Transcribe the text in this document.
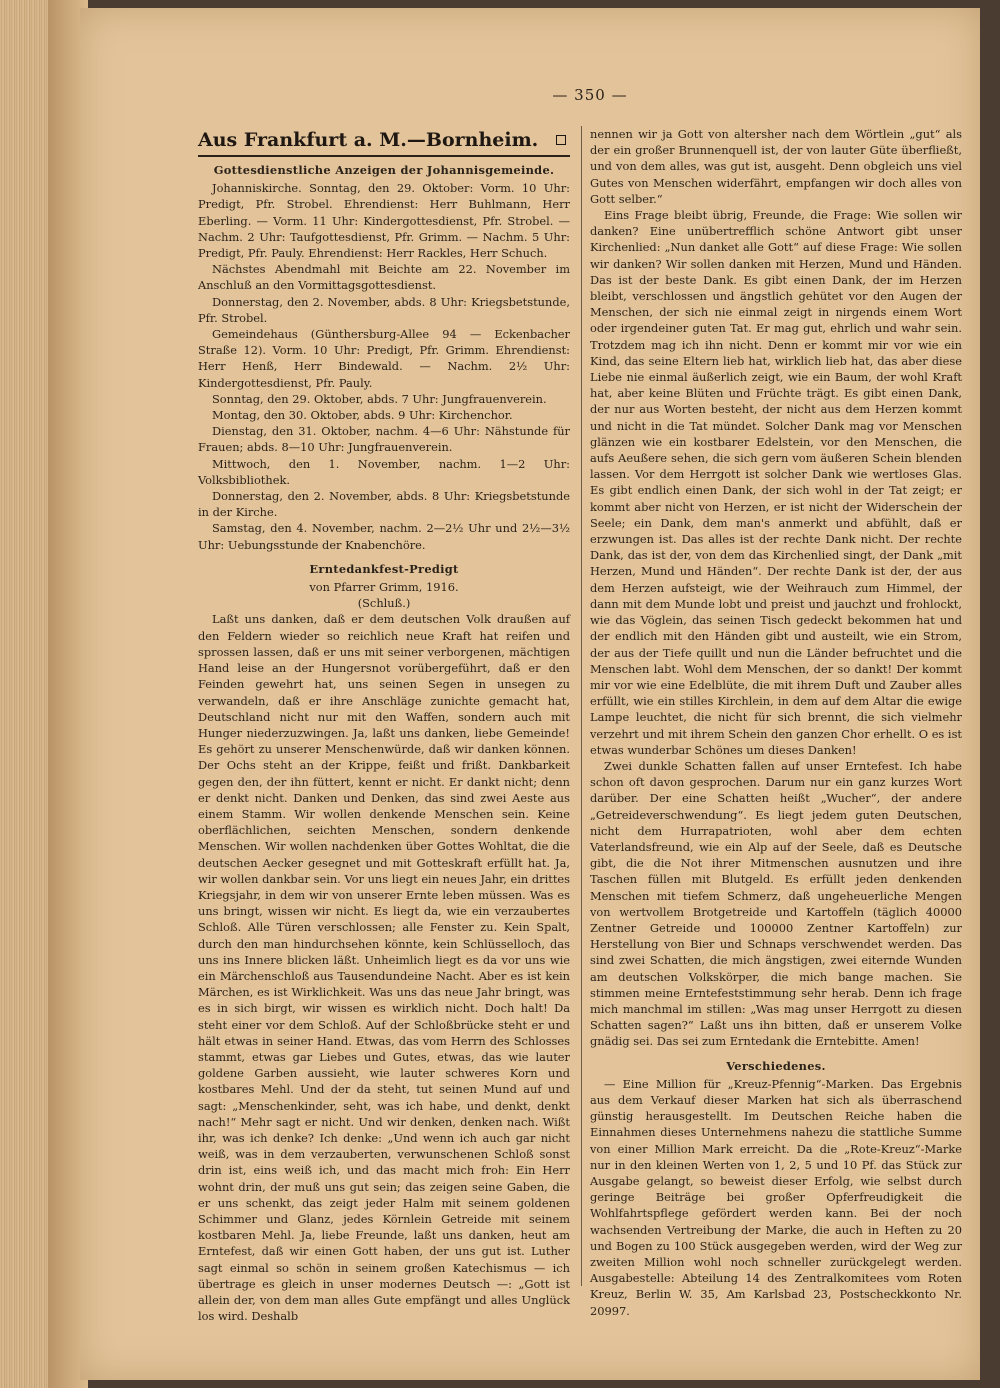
— 350 —
Aus Frankfurt a. M.—Bornheim.
Gottesdienstliche Anzeigen der Johannisgemeinde.

Johanniskirche. Sonntag, den 29. Oktober: Vorm. 10 Uhr: Predigt, Pfr. Strobel. Ehrendienst: Herr Buhlmann, Herr Eberling. — Vorm. 11 Uhr: Kindergottesdienst, Pfr. Strobel. — Nachm. 2 Uhr: Taufgottesdienst, Pfr. Grimm. — Nachm. 5 Uhr: Predigt, Pfr. Pauly. Ehrendienst: Herr Rackles, Herr Schuch.

Nächstes Abendmahl mit Beichte am 22. November im Anschluß an den Vormittagsgottesdienst.

Donnerstag, den 2. November, abds. 8 Uhr: Kriegsbetstunde, Pfr. Strobel.

Gemeindehaus (Günthersburg-Allee 94 — Eckenbacher Straße 12). Vorm. 10 Uhr: Predigt, Pfr. Grimm. Ehrendienst: Herr Henß, Herr Bindewald. — Nachm. 2½ Uhr: Kindergottesdienst, Pfr. Pauly.

Sonntag, den 29. Oktober, abds. 7 Uhr: Jungfrauenverein.

Montag, den 30. Oktober, abds. 9 Uhr: Kirchenchor.

Dienstag, den 31. Oktober, nachm. 4—6 Uhr: Nähstunde für Frauen; abds. 8—10 Uhr: Jungfrauenverein.

Mittwoch, den 1. November, nachm. 1—2 Uhr: Volksbibliothek.

Donnerstag, den 2. November, abds. 8 Uhr: Kriegsbetstunde in der Kirche.

Samstag, den 4. November, nachm. 2—2½ Uhr und 2½—3½ Uhr: Uebungsstunde der Knabenchöre.

Erntedankfest-Predigt
von Pfarrer Grimm, 1916.
(Schluß.)

Laßt uns danken, daß er dem deutschen Volk draußen auf den Feldern wieder so reichlich neue Kraft hat reifen und sprossen lassen, daß er uns mit seiner verborgenen, mächtigen Hand leise an der Hungersnot vorübergeführt, daß er den Feinden gewehrt hat, uns seinen Segen in unsegen zu verwandeln, daß er ihre Anschläge zunichte gemacht hat, Deutschland nicht nur mit den Waffen, sondern auch mit Hunger niederzuzwingen. Ja, laßt uns danken, liebe Gemeinde! Es gehört zu unserer Menschenwürde, daß wir danken können. Der Ochs steht an der Krippe, feißt und frißt. Dankbarkeit gegen den, der ihn füttert, kennt er nicht. Er dankt nicht; denn er denkt nicht. Danken und Denken, das sind zwei Aeste aus einem Stamm. Wir wollen denkende Menschen sein. Keine oberflächlichen, seichten Menschen, sondern denkende Menschen. Wir wollen nachdenken über Gottes Wohltat, die die deutschen Aecker gesegnet und mit Gotteskraft erfüllt hat. Ja, wir wollen dankbar sein. Vor uns liegt ein neues Jahr, ein drittes Kriegsjahr, in dem wir von unserer Ernte leben müssen. Was es uns bringt, wissen wir nicht. Es liegt da, wie ein verzaubertes Schloß. Alle Türen verschlossen; alle Fenster zu. Kein Spalt, durch den man hindurchsehen könnte, kein Schlüsselloch, das uns ins Innere blicken läßt. Unheimlich liegt es da vor uns wie ein Märchenschloß aus Tausendundeine Nacht. Aber es ist kein Märchen, es ist Wirklichkeit. Was uns das neue Jahr bringt, was es in sich birgt, wir wissen es wirklich nicht. Doch halt! Da steht einer vor dem Schloß. Auf der Schloßbrücke steht er und hält etwas in seiner Hand. Etwas, das vom Herrn des Schlosses stammt, etwas gar Liebes und Gutes, etwas, das wie lauter goldene Garben aussieht, wie lauter schweres Korn und kostbares Mehl. Und der da steht, tut seinen Mund auf und sagt: „Menschenkinder, seht, was ich habe, und denkt, denkt nach!“ Mehr sagt er nicht. Und wir denken, denken nach. Wißt ihr, was ich denke? Ich denke: „Und wenn ich auch gar nicht weiß, was in dem verzauberten, verwunschenen Schloß sonst drin ist, eins weiß ich, und das macht mich froh: Ein Herr wohnt drin, der muß uns gut sein; das zeigen seine Gaben, die er uns schenkt, das zeigt jeder Halm mit seinem goldenen Schimmer und Glanz, jedes Körnlein Getreide mit seinem kostbaren Mehl. Ja, liebe Freunde, laßt uns danken, heut am Erntefest, daß wir einen Gott haben, der uns gut ist. Luther sagt einmal so schön in seinem großen Katechismus — ich übertrage es gleich in unser modernes Deutsch —: „Gott ist allein der, von dem man alles Gute empfängt und alles Unglück los wird. Deshalb

nennen wir ja Gott von altersher nach dem Wörtlein „gut“ als der ein großer Brunnenquell ist, der von lauter Güte überfließt, und von dem alles, was gut ist, ausgeht. Denn obgleich uns viel Gutes von Menschen widerfährt, empfangen wir doch alles von Gott selber.“

Eins Frage bleibt übrig, Freunde, die Frage: Wie sollen wir danken? Eine unübertrefflich schöne Antwort gibt unser Kirchenlied: „Nun danket alle Gott“ auf diese Frage: Wie sollen wir danken? Wir sollen danken mit Herzen, Mund und Händen. Das ist der beste Dank. Es gibt einen Dank, der im Herzen bleibt, verschlossen und ängstlich gehütet vor den Augen der Menschen, der sich nie einmal zeigt in nirgends einem Wort oder irgendeiner guten Tat. Er mag gut, ehrlich und wahr sein. Trotzdem mag ich ihn nicht. Denn er kommt mir vor wie ein Kind, das seine Eltern lieb hat, wirklich lieb hat, das aber diese Liebe nie einmal äußerlich zeigt, wie ein Baum, der wohl Kraft hat, aber keine Blüten und Früchte trägt. Es gibt einen Dank, der nur aus Worten besteht, der nicht aus dem Herzen kommt und nicht in die Tat mündet. Solcher Dank mag vor Menschen glänzen wie ein kostbarer Edelstein, vor den Menschen, die aufs Aeußere sehen, die sich gern vom äußeren Schein blenden lassen. Vor dem Herrgott ist solcher Dank wie wertloses Glas. Es gibt endlich einen Dank, der sich wohl in der Tat zeigt; er kommt aber nicht von Herzen, er ist nicht der Widerschein der Seele; ein Dank, dem man's anmerkt und abfühlt, daß er erzwungen ist. Das alles ist der rechte Dank nicht. Der rechte Dank, das ist der, von dem das Kirchenlied singt, der Dank „mit Herzen, Mund und Händen“. Der rechte Dank ist der, der aus dem Herzen aufsteigt, wie der Weihrauch zum Himmel, der dann mit dem Munde lobt und preist und jauchzt und frohlockt, wie das Vöglein, das seinen Tisch gedeckt bekommen hat und der endlich mit den Händen gibt und austeilt, wie ein Strom, der aus der Tiefe quillt und nun die Länder befruchtet und die Menschen labt. Wohl dem Menschen, der so dankt! Der kommt mir vor wie eine Edelblüte, die mit ihrem Duft und Zauber alles erfüllt, wie ein stilles Kirchlein, in dem auf dem Altar die ewige Lampe leuchtet, die nicht für sich brennt, die sich vielmehr verzehrt und mit ihrem Schein den ganzen Chor erhellt. O es ist etwas wunderbar Schönes um dieses Danken!

Zwei dunkle Schatten fallen auf unser Erntefest. Ich habe schon oft davon gesprochen. Darum nur ein ganz kurzes Wort darüber. Der eine Schatten heißt „Wucher“, der andere „Getreideverschwendung“. Es liegt jedem guten Deutschen, nicht dem Hurrapatrioten, wohl aber dem echten Vaterlandsfreund, wie ein Alp auf der Seele, daß es Deutsche gibt, die die Not ihrer Mitmenschen ausnutzen und ihre Taschen füllen mit Blutgeld. Es erfüllt jeden denkenden Menschen mit tiefem Schmerz, daß ungeheuerliche Mengen von wertvollem Brotgetreide und Kartoffeln (täglich 40000 Zentner Getreide und 100000 Zentner Kartoffeln) zur Herstellung von Bier und Schnaps verschwendet werden. Das sind zwei Schatten, die mich ängstigen, zwei eiternde Wunden am deutschen Volkskörper, die mich bange machen. Sie stimmen meine Erntefeststimmung sehr herab. Denn ich frage mich manchmal im stillen: „Was mag unser Herrgott zu diesen Schatten sagen?“ Laßt uns ihn bitten, daß er unserem Volke gnädig sei. Das sei zum Erntedank die Erntebitte. Amen!

Verschiedenes.

— Eine Million für „Kreuz-Pfennig“-Marken. Das Ergebnis aus dem Verkauf dieser Marken hat sich als überraschend günstig herausgestellt. Im Deutschen Reiche haben die Einnahmen dieses Unternehmens nahezu die stattliche Summe von einer Million Mark erreicht. Da die „Rote-Kreuz“-Marke nur in den kleinen Werten von 1, 2, 5 und 10 Pf. das Stück zur Ausgabe gelangt, so beweist dieser Erfolg, wie selbst durch geringe Beiträge bei großer Opferfreudigkeit die Wohlfahrtspflege gefördert werden kann. Bei der noch wachsenden Vertreibung der Marke, die auch in Heften zu 20 und Bogen zu 100 Stück ausgegeben werden, wird der Weg zur zweiten Million wohl noch schneller zurückgelegt werden. Ausgabestelle: Abteilung 14 des Zentralkomitees vom Roten Kreuz, Berlin W. 35, Am Karlsbad 23, Postscheckkonto Nr. 20997.
